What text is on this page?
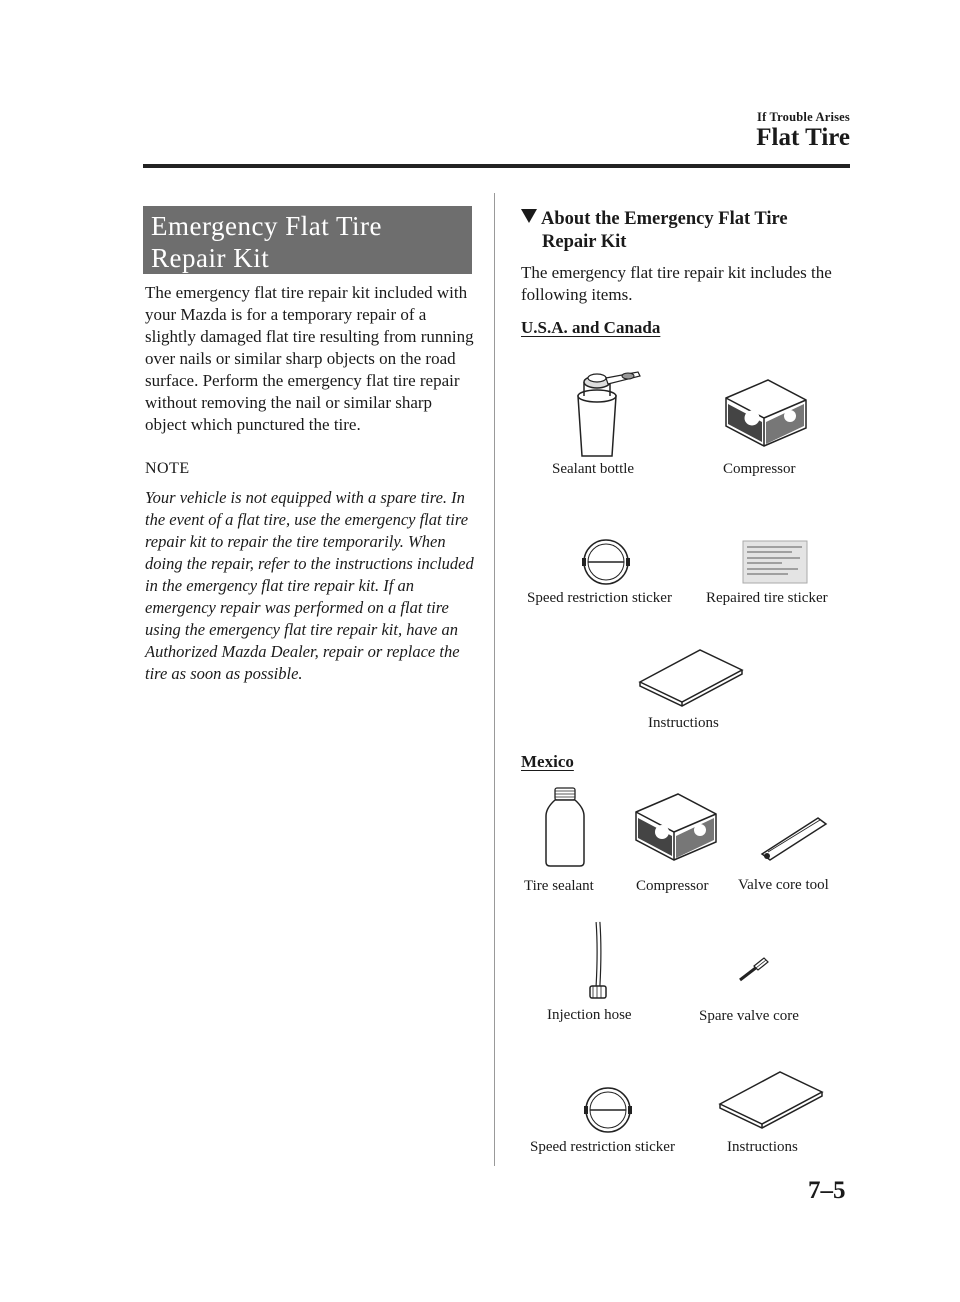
If Trouble Arises
Flat Tire
Emergency Flat Tire
Repair Kit
The emergency flat tire repair kit included with your Mazda is for a temporary repair of a slightly damaged flat tire resulting from running over nails or similar sharp objects on the road surface. Perform the emergency flat tire repair without removing the nail or similar sharp object which punctured the tire.
NOTE
Your vehicle is not equipped with a spare tire. In the event of a flat tire, use the emergency flat tire repair kit to repair the tire temporarily. When doing the repair, refer to the instructions included in the emergency flat tire repair kit. If an emergency repair was performed on a flat tire using the emergency flat tire repair kit, have an Authorized Mazda Dealer, repair or replace the tire as soon as possible.
About the Emergency Flat Tire
Repair Kit
The emergency flat tire repair kit includes the following items.
U.S.A. and Canada
Sealant bottle	Compressor
Speed restriction sticker Repaired tire sticker
Instructions
Mexico
Tire sealant	Compressor Valve core tool
Injection hose	Spare valve core
Speed restriction sticker	Instructions
7–5
